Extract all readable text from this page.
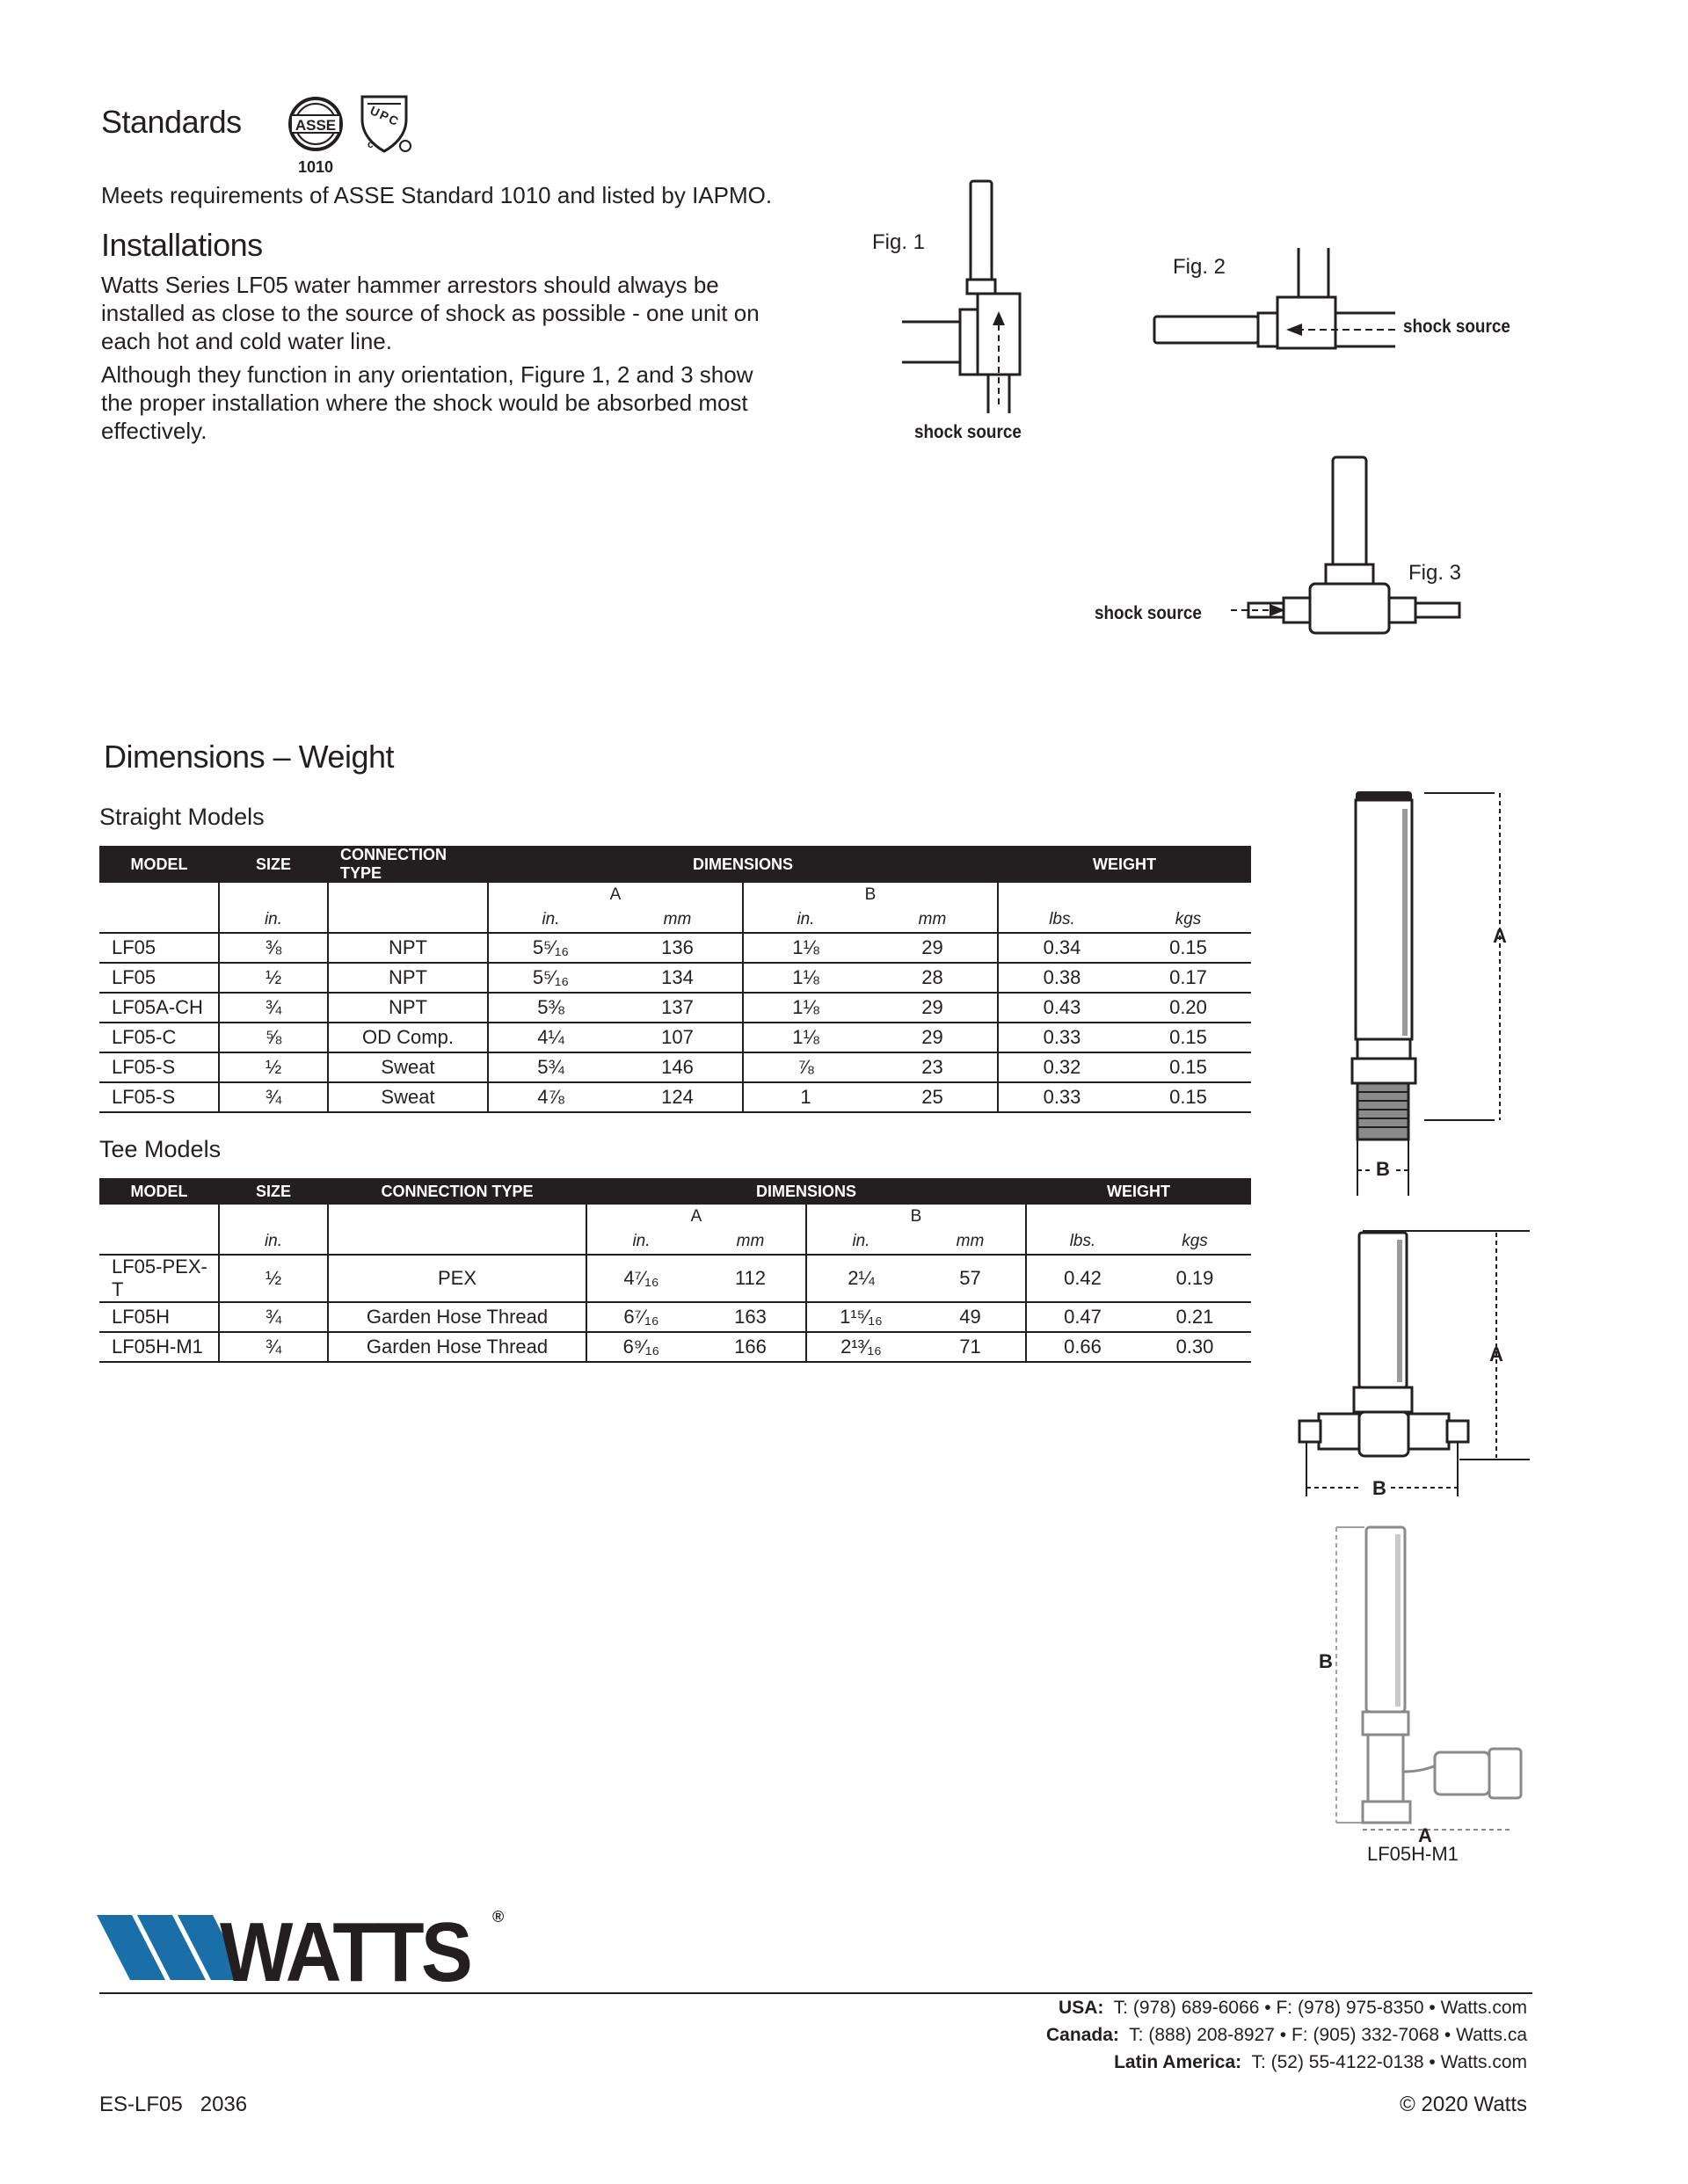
Standards	ASSE
1010
c
UPC
Meets requirements of ASSE Standard 1010 and listed by IAPMO.
Installations
Watts Series LF05 water hammer arrestors should always be installed as close to the source of shock as possible - one unit on each hot and cold water line.
Although they function in any orientation, Figure 1, 2 and 3 show the proper installation where the shock would be absorbed most effectively.
Fig. 1
shock source
Fig. 2
shock source
Fig. 3
shock source
Dimensions – Weight
Straight Models
MODEL	SIZE	CONNECTION TYPE	DIMENSIONS				WEIGHT	
			A		B			
	in.		in.	mm	in.	mm	lbs.	kgs
LF05	⅜	NPT	5⁵⁄₁₆	136	1⅛	29	0.34	0.15
LF05	½	NPT	5⁵⁄₁₆	134	1⅛	28	0.38	0.17
LF05A-CH	¾	NPT	5⅜	137	1⅛	29	0.43	0.20
LF05-C	⅝	OD Comp.	4¼	107	1⅛	29	0.33	0.15
LF05-S	½	Sweat	5¾	146	⅞	23	0.32	0.15
LF05-S	¾	Sweat	4⅞	124	1	25	0.33	0.15
Tee Models
MODEL	SIZE	CONNECTION TYPE	DIMENSIONS				WEIGHT	
			A		B			
	in.		in.	mm	in.	mm	lbs.	kgs
LF05-PEX-T	½	PEX	4⁷⁄₁₆	112	2¼	57	0.42	0.19
LF05H	¾	Garden Hose Thread	6⁷⁄₁₆	163	1¹⁵⁄₁₆	49	0.47	0.21
LF05H-M1	¾	Garden Hose Thread	6⁹⁄₁₆	166	2¹³⁄₁₆	71	0.66	0.30
A
B
A
B
B
A
LF05H-M1
WATTS ®
USA: T: (978) 689-6066 • F: (978) 975-8350 • Watts.com
Canada: T: (888) 208-8927 • F: (905) 332-7068 • Watts.ca
Latin America: T: (52) 55-4122-0138 • Watts.com
ES-LF05   2036	© 2020 Watts
